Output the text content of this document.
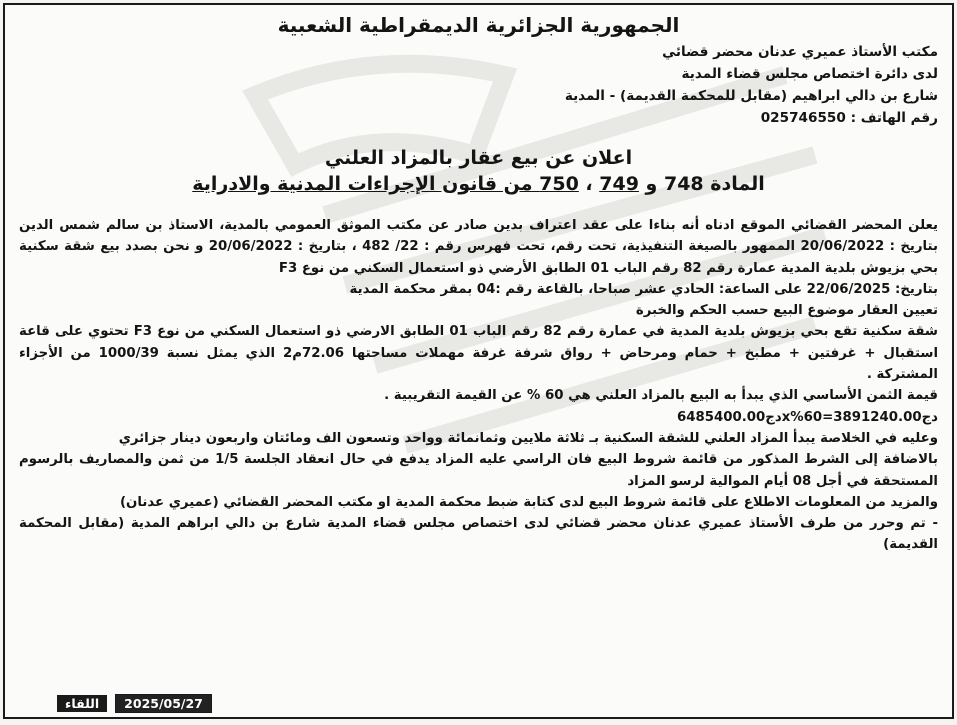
الجمهورية الجزائرية الديمقراطية الشعبية
مكتب الأستاذ عميري عدنان محضر قضائي
لدى دائرة اختصاص مجلس قضاء المدية
شارع بن دالي ابراهيم (مقابل للمحكمة القديمة) - المدية
رقم الهاتف : 025746550
اعلان عن بيع عقار بالمزاد العلني
المادة 748 و 749 ، 750 من قانون الإجراءات المدنية والادراية

يعلن المحضر القضائي الموقع ادناه أنه بناءا على عقد اعتراف بدين صادر عن مكتب الموثق العمومي بالمدية، الاستاذ بن سالم شمس الدين بتاريخ : 20/06/2022 الممهور بالصيغة التنفيذية، تحت رقم، تحت فهرس رقم : 22/ 482 ، بتاريخ : 20/06/2022 و نحن بصدد بيع شقة سكنية بحي بزيوش بلدية المدية عمارة رقم 82 رقم الباب 01 الطابق الأرضي ذو استعمال السكني من نوع F3

بتاريخ: 22/06/2025 على الساعة: الحادي عشر صباحا، بالقاعة رقم :04 بمقر محكمة المدية

تعيين العقار موضوع البيع حسب الحكم والخبرة

شقة سكنية تقع بحي بزيوش بلدية المدية في عمارة رقم 82 رقم الباب 01 الطابق الارضي ذو استعمال السكني من نوع F3 تحتوي على قاعة استقبال + غرفتين + مطبخ + حمام ومرحاض + رواق شرفة غرفة مهملات مساحتها 72.06م2 الذي يمثل نسبة 1000/39 من الأجزاء المشتركة .

قيمة الثمن الأساسي الذي يبدأ به البيع بالمزاد العلني هي 60 % عن القيمة التقريبية .

6485400.00دجx%60=3891240.00دج

وعليه في الخلاصة يبدأ المزاد العلني للشقة السكنية بـ ثلاثة ملايين وثمانمائة وواحد وتسعون الف ومائتان واربعون دينار جزائري

بالاضافة إلى الشرط المذكور من قائمة شروط البيع فان الراسي عليه المزاد يدفع في حال انعقاد الجلسة 1/5 من ثمن والمصاريف بالرسوم المستحقة في أجل 08 أيام الموالية لرسو المزاد

والمزيد من المعلومات الاطلاع على قائمة شروط البيع لدى كتابة ضبط محكمة المدية او مكتب المحضر القضائي (عميري عدنان)

- تم وحرر من طرف الأستاذ عميري عدنان محضر قضائي لدى اختصاص مجلس قضاء المدية شارع بن دالي ابراهم المدية (مقابل المحكمة القديمة)

اللقاء	2025/05/27
